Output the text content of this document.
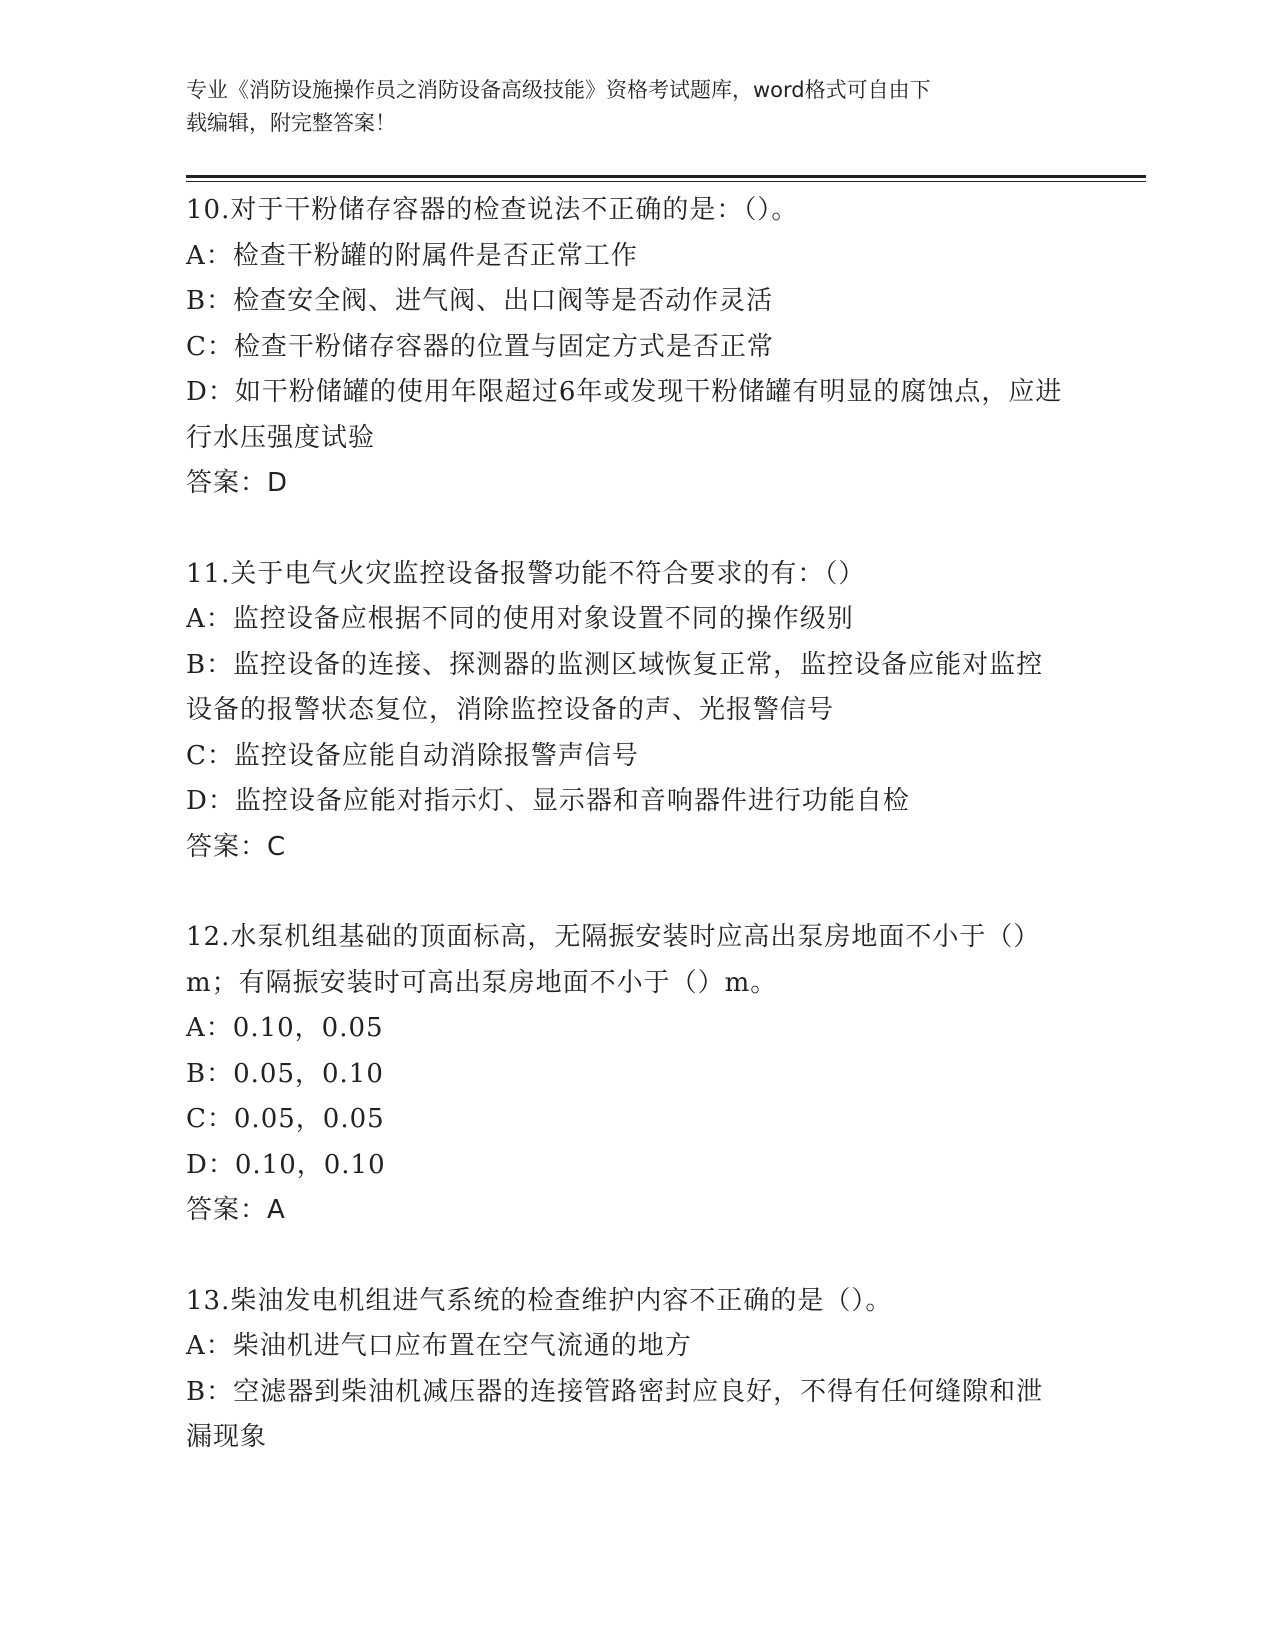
专业《消防设施操作员之消防设备高级技能》资格考试题库，word格式可自由下
载编辑，附完整答案！

10.对于干粉储存容器的检查说法不正确的是：（）。

A：检查干粉罐的附属件是否正常工作

B：检查安全阀、进气阀、出口阀等是否动作灵活

C：检查干粉储存容器的位置与固定方式是否正常

D：如干粉储罐的使用年限超过6年或发现干粉储罐有明显的腐蚀点，应进行水压强度试验

答案：D

11.关于电气火灾监控设备报警功能不符合要求的有：（）

A：监控设备应根据不同的使用对象设置不同的操作级别

B：监控设备的连接、探测器的监测区域恢复正常，监控设备应能对监控设备的报警状态复位，消除监控设备的声、光报警信号

C：监控设备应能自动消除报警声信号

D：监控设备应能对指示灯、显示器和音响器件进行功能自检

答案：C

12.水泵机组基础的顶面标高，无隔振安装时应高出泵房地面不小于（）m；有隔振安装时可高出泵房地面不小于（）m。

A：0.10，0.05

B：0.05，0.10

C：0.05，0.05

D：0.10，0.10

答案：A

13.柴油发电机组进气系统的检查维护内容不正确的是（）。

A：柴油机进气口应布置在空气流通的地方

B：空滤器到柴油机减压器的连接管路密封应良好，不得有任何缝隙和泄漏现象
